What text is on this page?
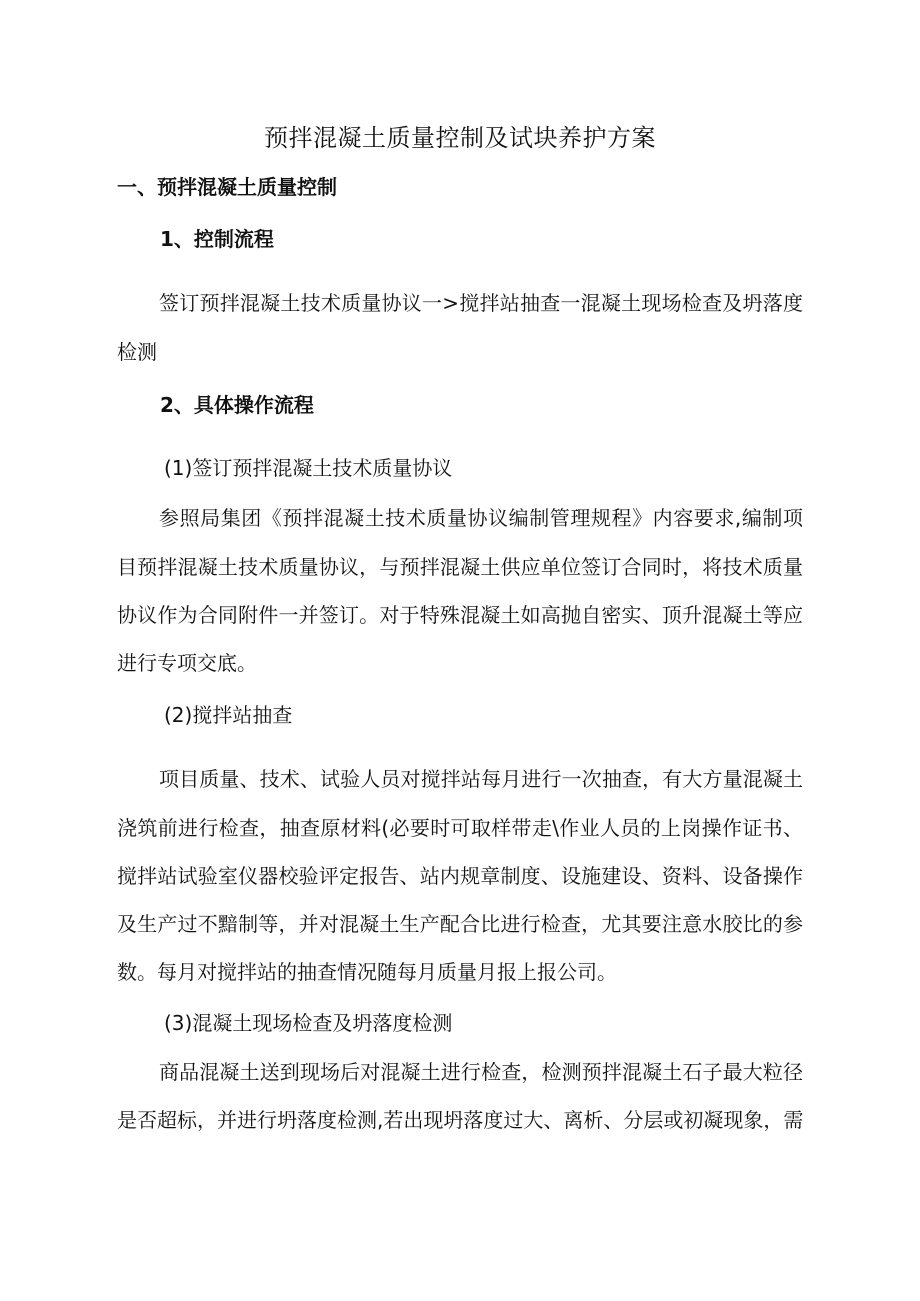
预拌混凝土质量控制及试块养护方案
一、预拌混凝土质量控制
1、控制流程
签订预拌混凝土技术质量协议一>搅拌站抽查一混凝土现场检查及坍落度
检测
2、具体操作流程
(1)签订预拌混凝土技术质量协议
参照局集团《预拌混凝土技术质量协议编制管理规程》内容要求,编制项
目预拌混凝土技术质量协议，与预拌混凝土供应单位签订合同时，将技术质量
协议作为合同附件一并签订。对于特殊混凝土如高抛自密实、顶升混凝土等应
进行专项交底。
(2)搅拌站抽查
项目质量、技术、试验人员对搅拌站每月进行一次抽查，有大方量混凝土
浇筑前进行检查，抽查原材料(必要时可取样带走\作业人员的上岗操作证书、
搅拌站试验室仪器校验评定报告、站内规章制度、设施建设、资料、设备操作
及生产过不黯制等，并对混凝土生产配合比进行检查，尤其要注意水胶比的参
数。每月对搅拌站的抽查情况随每月质量月报上报公司。
(3)混凝土现场检查及坍落度检测
商品混凝土送到现场后对混凝土进行检查，检测预拌混凝土石子最大粒径
是否超标，并进行坍落度检测,若出现坍落度过大、离析、分层或初凝现象，需
